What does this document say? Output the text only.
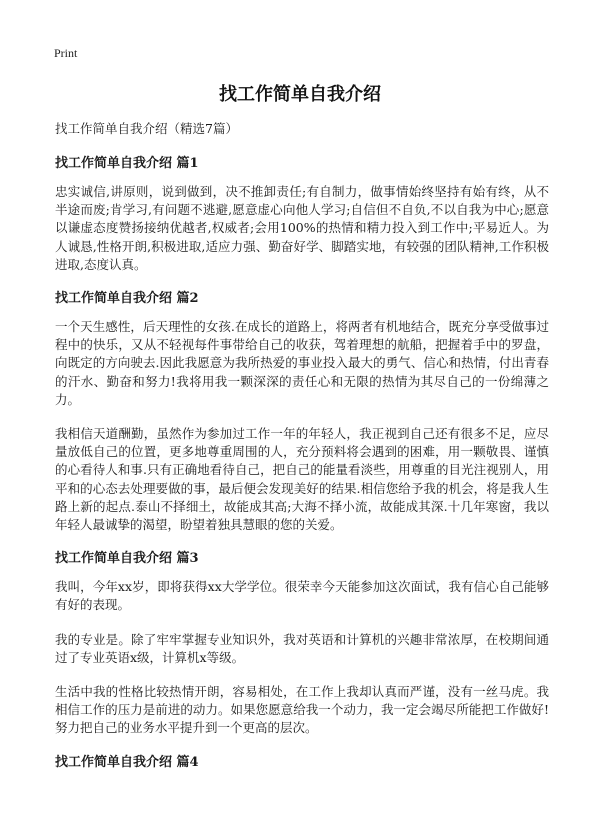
Print
找工作简单自我介绍
找工作简单自我介绍（精选7篇）
找工作简单自我介绍 篇1
忠实诚信,讲原则，说到做到，决不推卸责任;有自制力，做事情始终坚持有始有终，从不半途而废;肯学习,有问题不逃避,愿意虚心向他人学习;自信但不自负,不以自我为中心;愿意以谦虚态度赞扬接纳优越者,权威者;会用100%的热情和精力投入到工作中;平易近人。为人诚恳,性格开朗,积极进取,适应力强、勤奋好学、脚踏实地，有较强的团队精神,工作积极进取,态度认真。
找工作简单自我介绍 篇2
一个天生感性，后天理性的女孩.在成长的道路上，将两者有机地结合，既充分享受做事过程中的快乐，又从不轻视每件事带给自己的收获，驾着理想的航船，把握着手中的罗盘，向既定的方向驶去.因此我愿意为我所热爱的事业投入最大的勇气、信心和热情，付出青春的汗水、勤奋和努力!我将用我一颗深深的责任心和无限的热情为其尽自己的一份绵薄之力。
我相信天道酬勤，虽然作为参加过工作一年的年轻人，我正视到自己还有很多不足，应尽量放低自己的位置，更多地尊重周围的人，充分预料将会遇到的困难，用一颗敬畏、谨慎的心看待人和事.只有正确地看待自己，把自己的能量看淡些，用尊重的目光注视别人，用平和的心态去处理要做的事，最后便会发现美好的结果.相信您给予我的机会，将是我人生路上新的起点.泰山不择细土，故能成其高;大海不择小流，故能成其深.十几年寒窗，我以年轻人最诚挚的渴望，盼望着独具慧眼的您的关爱。
找工作简单自我介绍 篇3
我叫，今年xx岁，即将获得xx大学学位。很荣幸今天能参加这次面试，我有信心自己能够有好的表现。
我的专业是。除了牢牢掌握专业知识外，我对英语和计算机的兴趣非常浓厚，在校期间通过了专业英语x级，计算机x等级。
生活中我的性格比较热情开朗，容易相处，在工作上我却认真而严谨，没有一丝马虎。我相信工作的压力是前进的动力。如果您愿意给我一个动力，我一定会竭尽所能把工作做好! 努力把自己的业务水平提升到一个更高的层次。
找工作简单自我介绍 篇4
